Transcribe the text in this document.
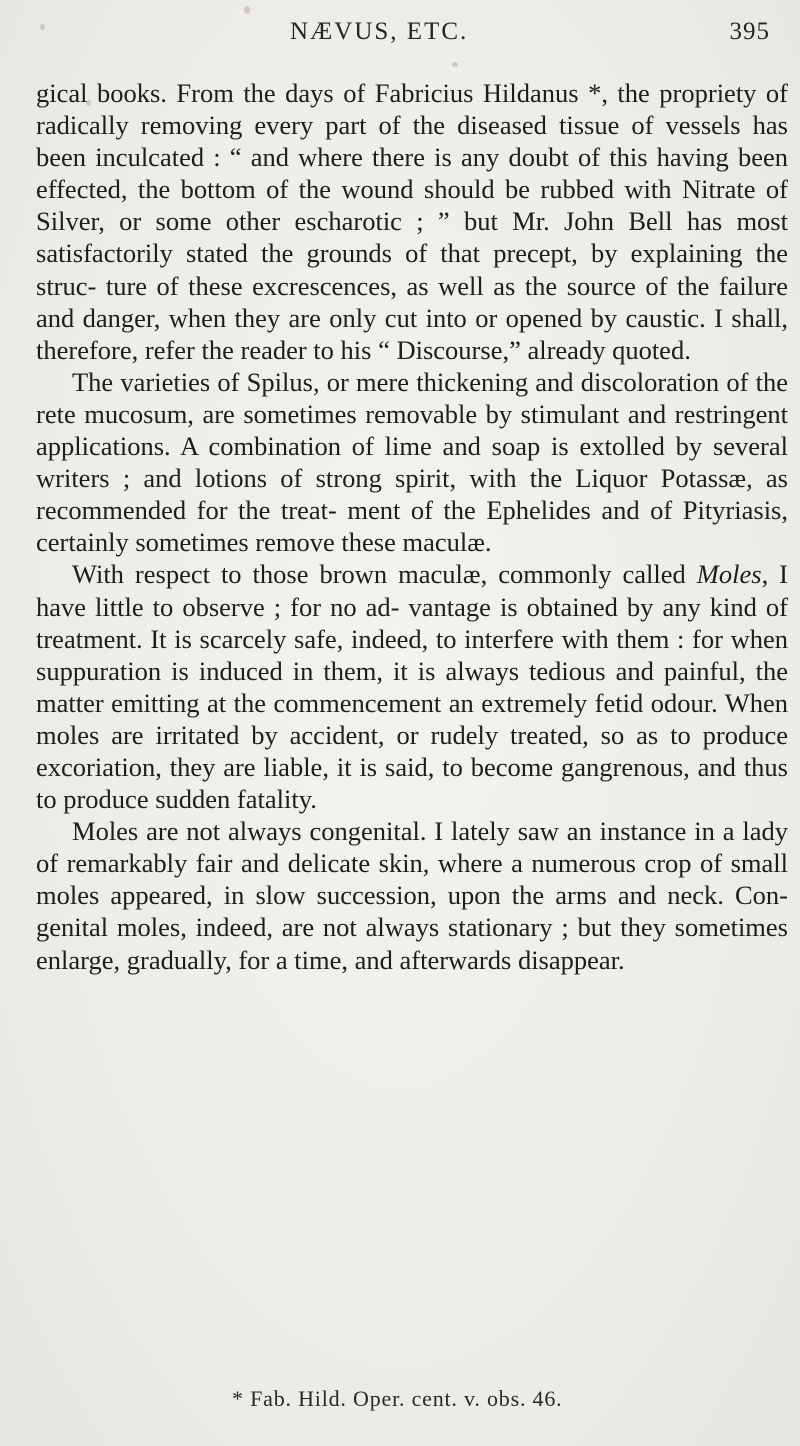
NÆVUS, ETC.	395

gical books. From the days of Fabricius Hildanus *, the propriety of radically removing every part of the diseased tissue of vessels has been inculcated : “ and where there is any doubt of this having been effected, the bottom of the wound should be rubbed with Nitrate of Silver, or some other escharotic ; ” but Mr. John Bell has most satisfactorily stated the grounds of that precept, by explaining the struc- ture of these excrescences, as well as the source of the failure and danger, when they are only cut into or opened by caustic. I shall, therefore, refer the reader to his “ Discourse,” already quoted.

The varieties of Spilus, or mere thickening and discoloration of the rete mucosum, are sometimes removable by stimulant and restringent applications. A combination of lime and soap is extolled by several writers ; and lotions of strong spirit, with the Liquor Potassæ, as recommended for the treat- ment of the Ephelides and of Pityriasis, certainly sometimes remove these maculæ.

With respect to those brown maculæ, commonly called Moles, I have little to observe ; for no ad- vantage is obtained by any kind of treatment. It is scarcely safe, indeed, to interfere with them : for when suppuration is induced in them, it is always tedious and painful, the matter emitting at the commencement an extremely fetid odour. When moles are irritated by accident, or rudely treated, so as to produce excoriation, they are liable, it is said, to become gangrenous, and thus to produce sudden fatality.

Moles are not always congenital. I lately saw an instance in a lady of remarkably fair and delicate skin, where a numerous crop of small moles appeared, in slow succession, upon the arms and neck. Con- genital moles, indeed, are not always stationary ; but they sometimes enlarge, gradually, for a time, and afterwards disappear.

* Fab. Hild. Oper. cent. v. obs. 46.
